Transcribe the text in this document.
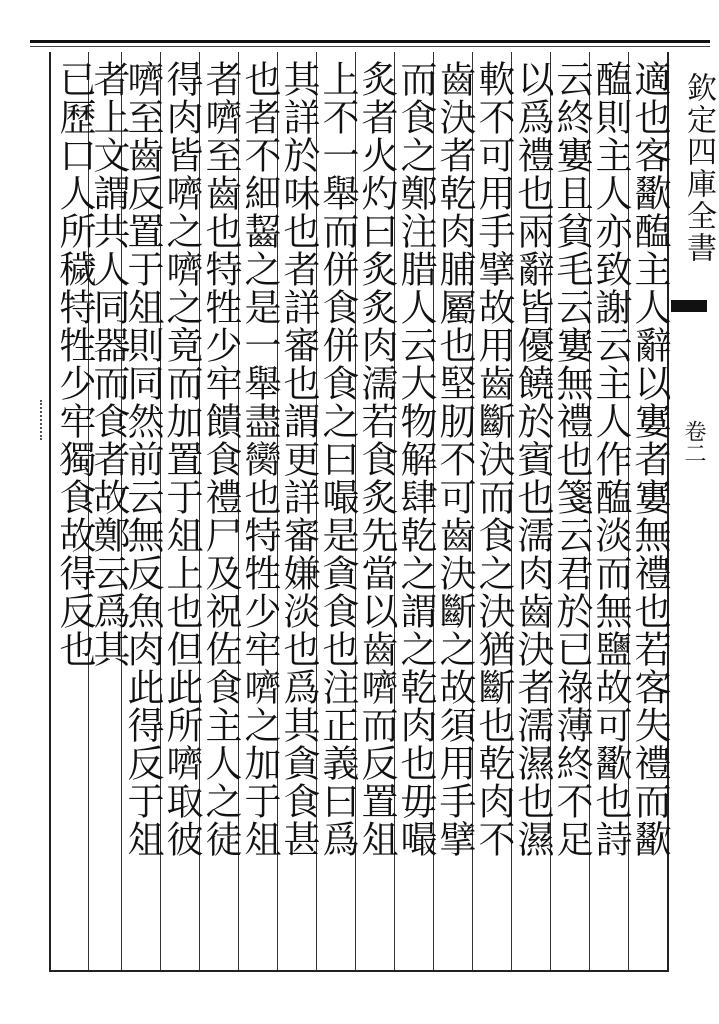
欽定四庫全書
卷二
適也客歠醢主人辭以寠者寠無禮也若客失禮而歠
醢則主人亦致謝云主人作醢淡而無鹽故可歠也詩
云終寠且貧毛云寠無禮也箋云君於已祿薄終不足
以爲禮也兩辭皆優饒於賓也濡肉齒決者濡濕也濕
軟不可用手擘故用齒斷決而食之決猶斷也乾肉不
齒決者乾肉脯屬也堅肕不可齒決斷之故須用手擘
而食之鄭注腊人云大物解肆乾之謂之乾肉也毋嘬
炙者火灼曰炙炙肉濡若食炙先當以齒嚌而反置俎
上不一舉而併食併食之曰嘬是貪食也注正義曰爲
其詳於味也者詳審也謂更詳審嫌淡也爲其貪食甚
也者不細齧之是一舉盡臠也特牲少牢嚌之加于俎
者嚌至齒也特牲少牢饋食禮尸及祝佐食主人之徒
得肉皆嚌之嚌之竟而加置于俎上也但此所嚌取彼
嚌至齒反置于俎則同然前云無反魚肉此得反于俎
者上文謂共人同器而食者故鄭云爲其
已歷口人所穢特牲少牢獨食故得反也
